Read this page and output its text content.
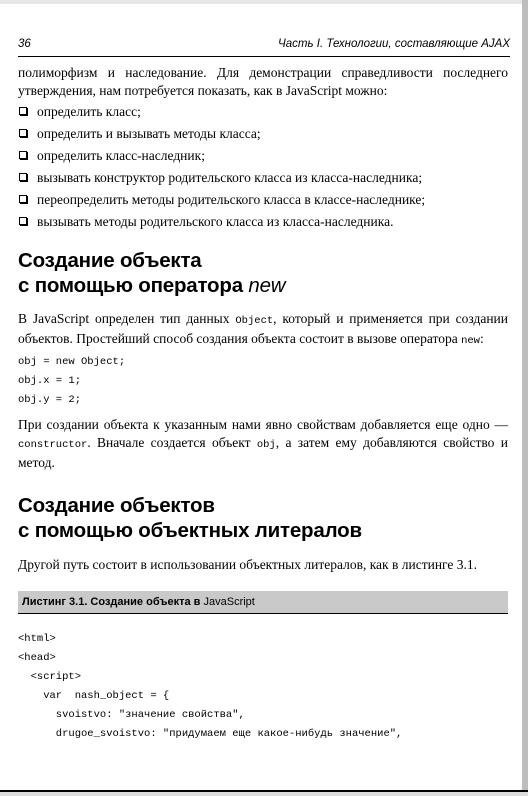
36	Часть I. Технологии, составляющие AJAX

полиморфизм и наследование. Для демонстрации справедливости последнего утверждения, нам потребуется показать, как в JavaScript можно:

определить класс;
определить и вызывать методы класса;
определить класс-наследник;
вызывать конструктор родительского класса из класса-наследника;
переопределить методы родительского класса в классе-наследнике;
вызывать методы родительского класса из класса-наследника.
Создание объекта
с помощью оператора new

В JavaScript определен тип данных Object, который и применяется при создании объектов. Простейший способ создания объекта состоит в вызове оператора new:

obj = new Object;
obj.x = 1;
obj.y = 2;

При создании объекта к указанным нами явно свойствам добавляется еще одно — constructor. Вначале создается объект obj, а затем ему добавляются свойство и метод.

Создание объектов
с помощью объектных литералов

Другой путь состоит в использовании объектных литералов, как в листинге 3.1.

Листинг 3.1. Создание объекта в JavaScript
<html>
<head>
<script>
var  nash_object = {
svoistvo: "значение свойства",
drugoe_svoistvo: "придумаем еще какое-нибудь значение",
